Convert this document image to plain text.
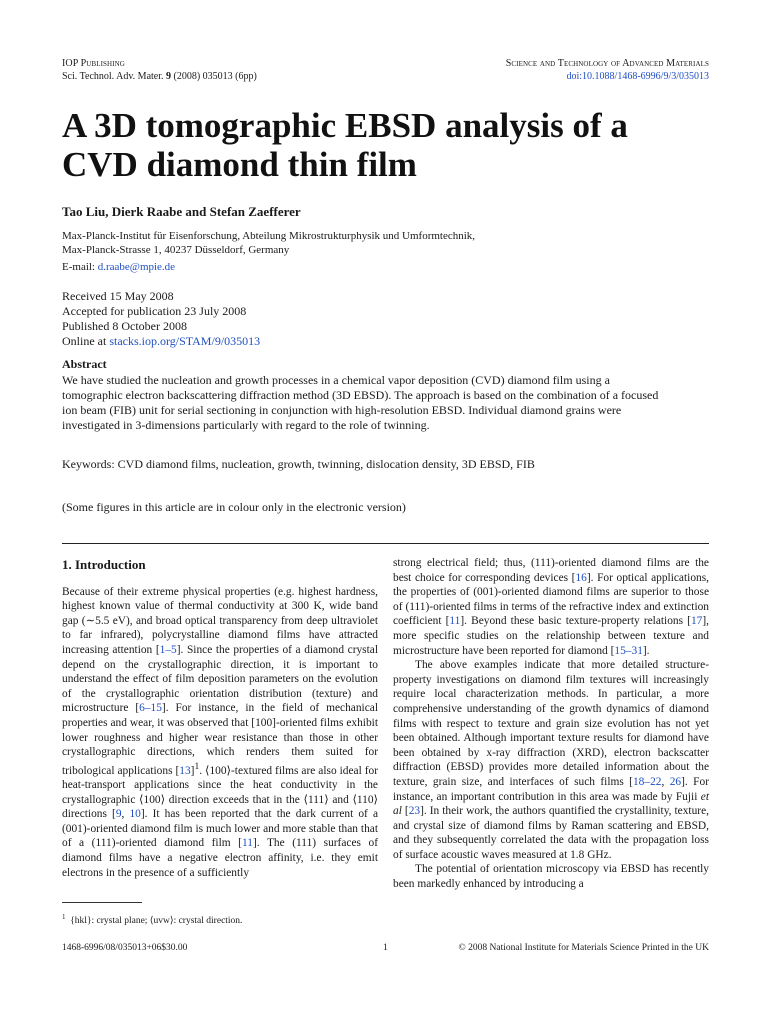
IOP Publishing
Sci. Technol. Adv. Mater. 9 (2008) 035013 (6pp)
Science and Technology of Advanced Materials
doi:10.1088/1468-6996/9/3/035013
A 3D tomographic EBSD analysis of a CVD diamond thin film
Tao Liu, Dierk Raabe and Stefan Zaefferer
Max-Planck-Institut für Eisenforschung, Abteilung Mikrostrukturphysik und Umformtechnik,
Max-Planck-Strasse 1, 40237 Düsseldorf, Germany
E-mail: d.raabe@mpie.de
Received 15 May 2008
Accepted for publication 23 July 2008
Published 8 October 2008
Online at stacks.iop.org/STAM/9/035013
Abstract
We have studied the nucleation and growth processes in a chemical vapor deposition (CVD) diamond film using a tomographic electron backscattering diffraction method (3D EBSD). The approach is based on the combination of a focused ion beam (FIB) unit for serial sectioning in conjunction with high-resolution EBSD. Individual diamond grains were investigated in 3-dimensions particularly with regard to the role of twinning.
Keywords: CVD diamond films, nucleation, growth, twinning, dislocation density, 3D EBSD, FIB
(Some figures in this article are in colour only in the electronic version)
1. Introduction

Because of their extreme physical properties (e.g. highest hardness, highest known value of thermal conductivity at 300 K, wide band gap (∼5.5 eV), and broad optical transparency from deep ultraviolet to far infrared), polycrystalline diamond films have attracted increasing attention [1–5]. Since the properties of a diamond crystal depend on the crystallographic direction, it is important to understand the effect of film deposition parameters on the evolution of the crystallographic orientation distribution (texture) and microstructure [6–15]. For instance, in the field of mechanical properties and wear, it was observed that [100]-oriented films exhibit lower roughness and higher wear resistance than those in other crystallographic directions, which renders them suited for tribological applications $[13]^1$. ⟨100⟩-textured films are also ideal for heat-transport applications since the heat conductivity in the crystallographic ⟨100⟩ direction exceeds that in the ⟨111⟩ and ⟨110⟩ directions [9, 10]. It has been reported that the dark current of a (001)-oriented diamond film is much lower and more stable than that of a (111)-oriented diamond film [11]. The (111) surfaces of diamond films have a negative electron affinity, i.e. they emit electrons in the presence of a sufficiently

strong electrical field; thus, (111)-oriented diamond films are the best choice for corresponding devices [16]. For optical applications, the properties of (001)-oriented diamond films are superior to those of (111)-oriented films in terms of the refractive index and extinction coefficient [11]. Beyond these basic texture-property relations [17], more specific studies on the relationship between texture and microstructure have been reported for diamond [15–31].

The above examples indicate that more detailed structure-property investigations on diamond film textures will increasingly require local characterization methods. In particular, a more comprehensive understanding of the growth dynamics of diamond films with respect to texture and grain size evolution has not yet been obtained. Although important texture results for diamond have been obtained by x-ray diffraction (XRD), electron backscatter diffraction (EBSD) provides more detailed information about the texture, grain size, and interfaces of such films [18–22, 26]. For instance, an important contribution in this area was made by Fujii et al [23]. In their work, the authors quantified the crystallinity, texture, and crystal size of diamond films by Raman scattering and EBSD, and they subsequently correlated the data with the propagation loss of surface acoustic waves measured at 1.8 GHz.

The potential of orientation microscopy via EBSD has recently been markedly enhanced by introducing a

$^1$ {hkl}: crystal plane; ⟨uvw⟩: crystal direction.
1468-6996/08/035013+06$30.00	1	© 2008 National Institute for Materials Science Printed in the UK
